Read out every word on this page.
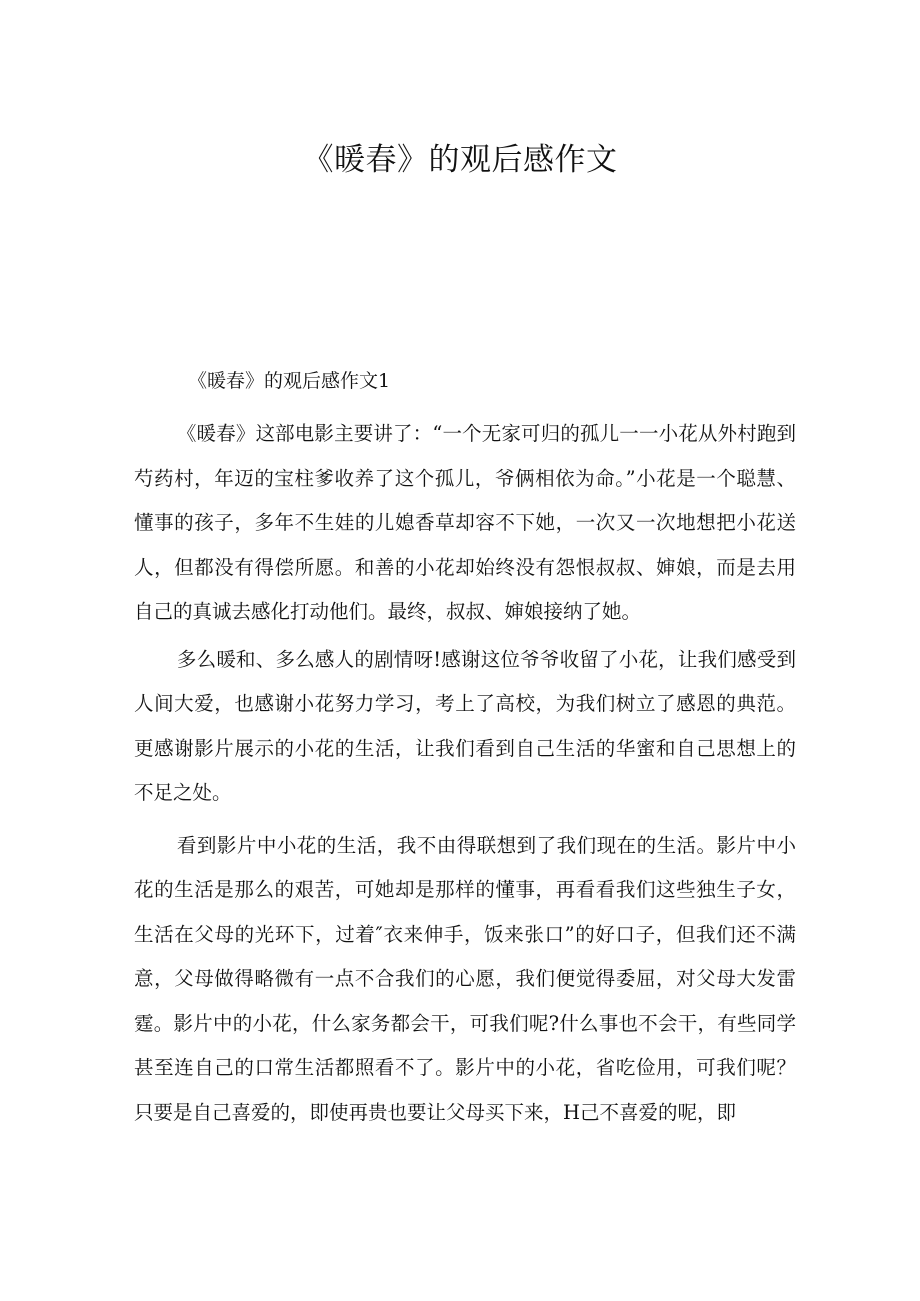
《暖春》的观后感作文
《暖春》的观后感作文1

《暖春》这部电影主要讲了：“一个无家可归的孤儿一一小花从外村跑到芍药村，年迈的宝柱爹收养了这个孤儿，爷俩相依为命。”小花是一个聪慧、懂事的孩子，多年不生娃的儿媳香草却容不下她，一次又一次地想把小花送人，但都没有得偿所愿。和善的小花却始终没有怨恨叔叔、婶娘，而是去用自己的真诚去感化打动他们。最终，叔叔、婶娘接纳了她。

多么暖和、多么感人的剧情呀!感谢这位爷爷收留了小花，让我们感受到人间大爱，也感谢小花努力学习，考上了高校，为我们树立了感恩的典范。更感谢影片展示的小花的生活，让我们看到自己生活的华蜜和自己思想上的不足之处。

看到影片中小花的生活，我不由得联想到了我们现在的生活。影片中小花的生活是那么的艰苦，可她却是那样的懂事，再看看我们这些独生子女，生活在父母的光环下，过着″衣来伸手，饭来张口”的好口子，但我们还不满意，父母做得略微有一点不合我们的心愿，我们便觉得委屈，对父母大发雷霆。影片中的小花，什么家务都会干，可我们呢?什么事也不会干，有些同学甚至连自己的口常生活都照看不了。影片中的小花，省吃俭用，可我们呢？只要是自己喜爱的，即使再贵也要让父母买下来，H己不喜爱的呢，即
